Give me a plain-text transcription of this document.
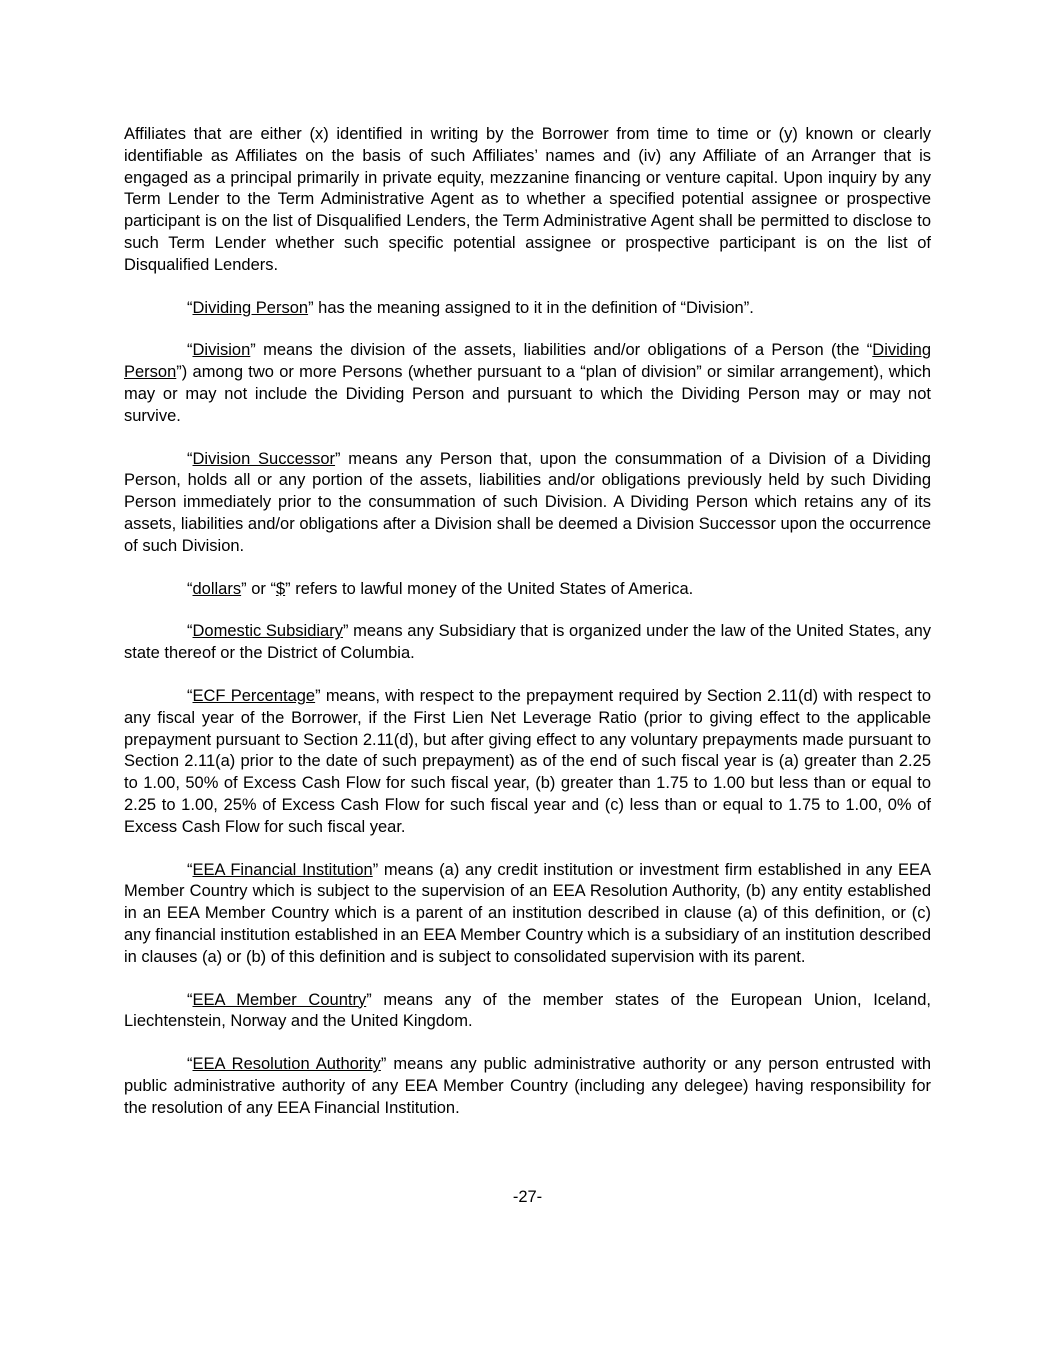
Affiliates that are either (x) identified in writing by the Borrower from time to time or (y) known or clearly identifiable as Affiliates on the basis of such Affiliates’ names and (iv) any Affiliate of an Arranger that is engaged as a principal primarily in private equity, mezzanine financing or venture capital. Upon inquiry by any Term Lender to the Term Administrative Agent as to whether a specified potential assignee or prospective participant is on the list of Disqualified Lenders, the Term Administrative Agent shall be permitted to disclose to such Term Lender whether such specific potential assignee or prospective participant is on the list of Disqualified Lenders.

“Dividing Person” has the meaning assigned to it in the definition of “Division”.

“Division” means the division of the assets, liabilities and/or obligations of a Person (the “Dividing Person”) among two or more Persons (whether pursuant to a “plan of division” or similar arrangement), which may or may not include the Dividing Person and pursuant to which the Dividing Person may or may not survive.

“Division Successor” means any Person that, upon the consummation of a Division of a Dividing Person, holds all or any portion of the assets, liabilities and/or obligations previously held by such Dividing Person immediately prior to the consummation of such Division. A Dividing Person which retains any of its assets, liabilities and/or obligations after a Division shall be deemed a Division Successor upon the occurrence of such Division.

“dollars” or “$” refers to lawful money of the United States of America.

“Domestic Subsidiary” means any Subsidiary that is organized under the law of the United States, any state thereof or the District of Columbia.

“ECF Percentage” means, with respect to the prepayment required by Section 2.11(d) with respect to any fiscal year of the Borrower, if the First Lien Net Leverage Ratio (prior to giving effect to the applicable prepayment pursuant to Section 2.11(d), but after giving effect to any voluntary prepayments made pursuant to Section 2.11(a) prior to the date of such prepayment) as of the end of such fiscal year is (a) greater than 2.25 to 1.00, 50% of Excess Cash Flow for such fiscal year, (b) greater than 1.75 to 1.00 but less than or equal to 2.25 to 1.00, 25% of Excess Cash Flow for such fiscal year and (c) less than or equal to 1.75 to 1.00, 0% of Excess Cash Flow for such fiscal year.

“EEA Financial Institution” means (a) any credit institution or investment firm established in any EEA Member Country which is subject to the supervision of an EEA Resolution Authority, (b) any entity established in an EEA Member Country which is a parent of an institution described in clause (a) of this definition, or (c) any financial institution established in an EEA Member Country which is a subsidiary of an institution described in clauses (a) or (b) of this definition and is subject to consolidated supervision with its parent.

“EEA Member Country” means any of the member states of the European Union, Iceland, Liechtenstein, Norway and the United Kingdom.

“EEA Resolution Authority” means any public administrative authority or any person entrusted with public administrative authority of any EEA Member Country (including any delegee) having responsibility for the resolution of any EEA Financial Institution.

-27-
